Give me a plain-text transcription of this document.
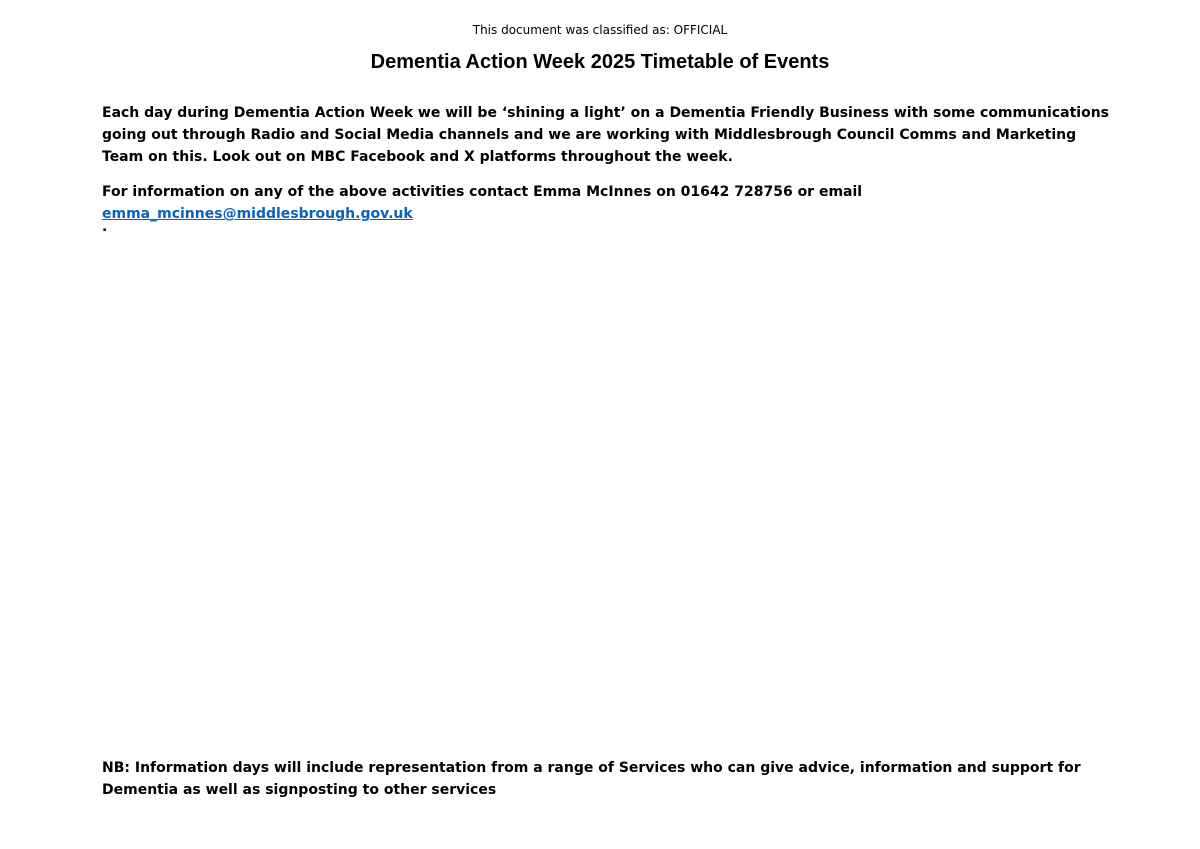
This document was classified as: OFFICIAL
Dementia Action Week 2025 Timetable of Events

Each day during Dementia Action Week we will be ‘shining a light’ on a Dementia Friendly Business with some communications going out through Radio and Social Media channels and we are working with Middlesbrough Council Comms and Marketing Team on this. Look out on MBC Facebook and X platforms throughout the week.

For information on any of the above activities contact Emma McInnes on 01642 728756 or email emma_mcinnes@middlesbrough.gov.uk

.

NB: Information days will include representation from a range of Services who can give advice, information and support for Dementia as well as signposting to other services
